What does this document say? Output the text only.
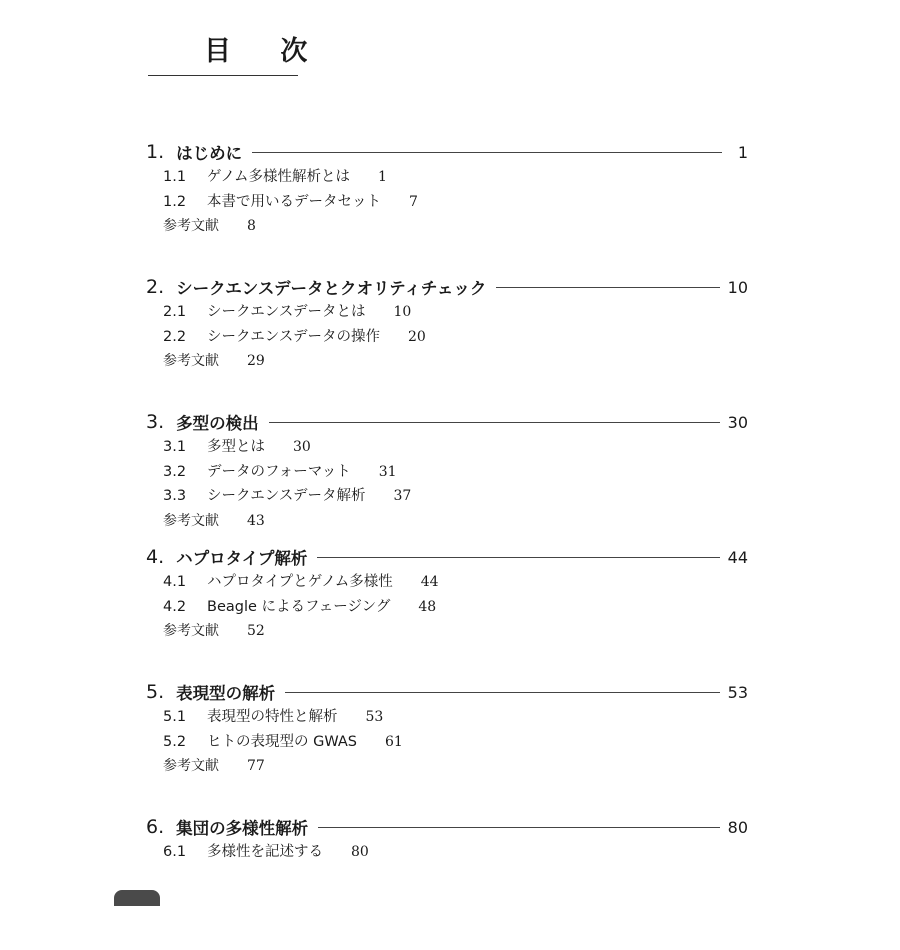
目 次
1. はじめに	1
1.1 ゲノム多様性解析とは 1
1.2 本書で用いるデータセット 7
参考文献 8
2. シークエンスデータとクオリティチェック	10
2.1 シークエンスデータとは 10
2.2 シークエンスデータの操作 20
参考文献 29
3. 多型の検出	30
3.1 多型とは 30
3.2 データのフォーマット 31
3.3 シークエンスデータ解析 37
参考文献 43
4. ハプロタイプ解析	44
4.1 ハプロタイプとゲノム多様性 44
4.2 Beagle によるフェージング 48
参考文献 52
5. 表現型の解析	53
5.1 表現型の特性と解析 53
5.2 ヒトの表現型の GWAS 61
参考文献 77
6. 集団の多様性解析	80
6.1 多様性を記述する 80
